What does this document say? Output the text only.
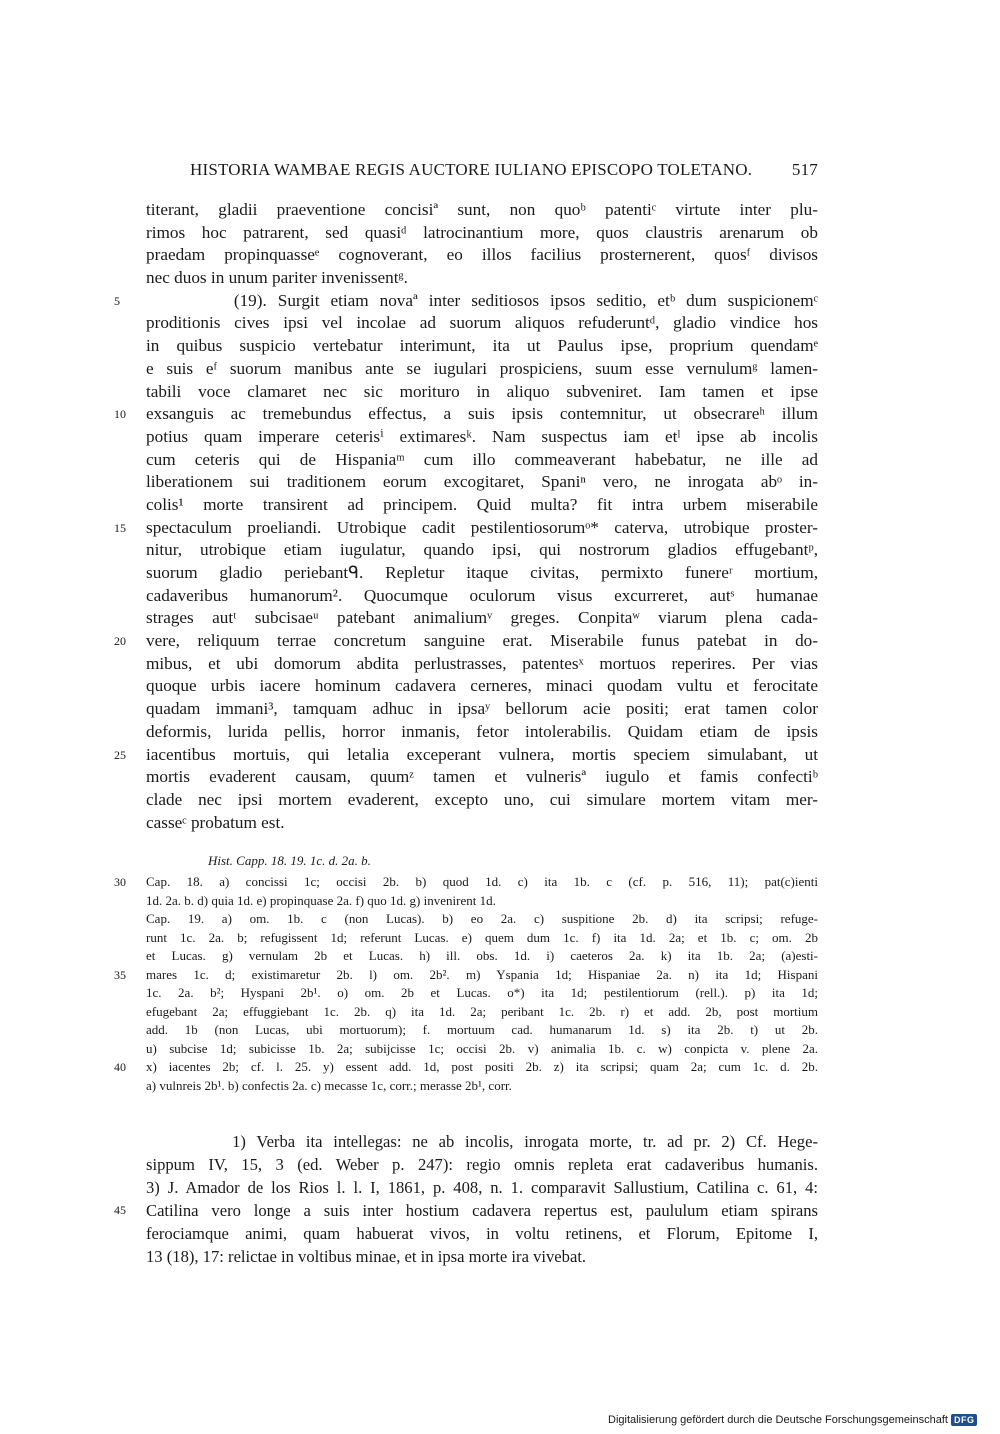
HISTORIA WAMBAE REGIS AUCTORE IULIANO EPISCOPO TOLETANO. 517
titerant, gladii praeventione concisiª sunt, non quoᵇ patentiᶜ virtute inter plu-
rimos hoc patrarent, sed quasiᵈ latrocinantium more, quos claustris arenarum ob
praedam propinquasseᵉ cognoverant, eo illos facilius prosternerent, quosᶠ divisos
nec duos in unum pariter invenissentᵍ.
5	(19). Surgit etiam novaª inter seditiosos ipsos seditio, etᵇ dum suspicionemᶜ
proditionis cives ipsi vel incolae ad suorum aliquos refuderuntᵈ, gladio vindice hos
in quibus suspicio vertebatur interimunt, ita ut Paulus ipse, proprium quendamᵉ
e suis eᶠ suorum manibus ante se iugulari prospiciens, suum esse vernulumᵍ lamen-
tabili voce clamaret nec sic morituro in aliquo subveniret. Iam tamen et ipse
10	exsanguis ac tremebundus effectus, a suis ipsis contemnitur, ut obsecrareʰ illum
potius quam imperare ceterisⁱ extimaresᵏ. Nam suspectus iam etˡ ipse ab incolis
cum ceteris qui de Hispaniaᵐ cum illo commeaverant habebatur, ne ille ad
liberationem sui traditionem eorum excogitaret, Spaniⁿ vero, ne inrogata abᵒ in-
colis¹ morte transirent ad principem. Quid multa? fit intra urbem miserabile
15	spectaculum proeliandi. Utrobique cadit pestilentiosorumᵒ* caterva, utrobique proster-
nitur, utrobique etiam iugulatur, quando ipsi, qui nostrorum gladios effugebantᵖ,
suorum gladio periebantᑫ. Repletur itaque civitas, permixto funereʳ mortium,
cadaveribus humanorum². Quocumque oculorum visus excurreret, autˢ humanae
strages autᵗ subcisaeᵘ patebant animaliumᵛ greges. Conpitaʷ viarum plena cada-
20	vere, reliquum terrae concretum sanguine erat. Miserabile funus patebat in do-
mibus, et ubi domorum abdita perlustrasses, patentesˣ mortuos reperires. Per vias
quoque urbis iacere hominum cadavera cerneres, minaci quodam vultu et ferocitate
quadam immani³, tamquam adhuc in ipsaʸ bellorum acie positi; erat tamen color
deformis, lurida pellis, horror inmanis, fetor intolerabilis. Quidam etiam de ipsis
25	iacentibus mortuis, qui letalia exceperant vulnera, mortis speciem simulabant, ut
mortis evaderent causam, quumᶻ tamen et vulnerisª iugulo et famis confectiᵇ
clade nec ipsi mortem evaderent, excepto uno, cui simulare mortem vitam mer-
casseᶜ probatum est.
Hist. Capp. 18. 19. 1c. d. 2a. b.
30	Cap. 18. a) concissi 1c; occisi 2b. b) quod 1d. c) ita 1b. c (cf. p. 516, 11); pat(c)ienti
1d. 2a. b. d) quia 1d. e) propinquase 2a. f) quo 1d. g) invenirent 1d.
Cap. 19. a) om. 1b. c (non Lucas). b) eo 2a. c) suspitione 2b. d) ita scripsi; refuge-
runt 1c. 2a. b; refugissent 1d; referunt Lucas. e) quem dum 1c. f) ita 1d. 2a; et 1b. c; om. 2b
et Lucas. g) vernulam 2b et Lucas. h) ill. obs. 1d. i) caeteros 2a. k) ita 1b. 2a; (a)esti-
35	mares 1c. d; existimaretur 2b. l) om. 2b². m) Yspania 1d; Hispaniae 2a. n) ita 1d; Hispani
1c. 2a. b²; Hyspani 2b¹. o) om. 2b et Lucas. o*) ita 1d; pestilentiorum (rell.). p) ita 1d;
efugebant 2a; effuggiebant 1c. 2b. q) ita 1d. 2a; peribant 1c. 2b. r) et add. 2b, post mortium
add. 1b (non Lucas, ubi mortuorum); f. mortuum cad. humanarum 1d. s) ita 2b. t) ut 2b.
u) subcise 1d; subicisse 1b. 2a; subijcisse 1c; occisi 2b. v) animalia 1b. c. w) conpicta v. plene 2a.
40	x) iacentes 2b; cf. l. 25. y) essent add. 1d, post positi 2b. z) ita scripsi; quam 2a; cum 1c. d. 2b.
a) vulnreis 2b¹. b) confectis 2a. c) mecasse 1c, corr.; merasse 2b¹, corr.
1) Verba ita intellegas: ne ab incolis, inrogata morte, tr. ad pr. 2) Cf. Hege-
sippum IV, 15, 3 (ed. Weber p. 247): regio omnis repleta erat cadaveribus humanis.
3) J. Amador de los Rios l. l. I, 1861, p. 408, n. 1. comparavit Sallustium, Catilina c. 61, 4:
45	Catilina vero longe a suis inter hostium cadavera repertus est, paululum etiam spirans
ferociamque animi, quam habuerat vivos, in voltu retinens, et Florum, Epitome I,
13 (18), 17: relictae in voltibus minae, et in ipsa morte ira vivebat.
Digitalisierung gefördert durch die Deutsche Forschungsgemeinschaft DFG
